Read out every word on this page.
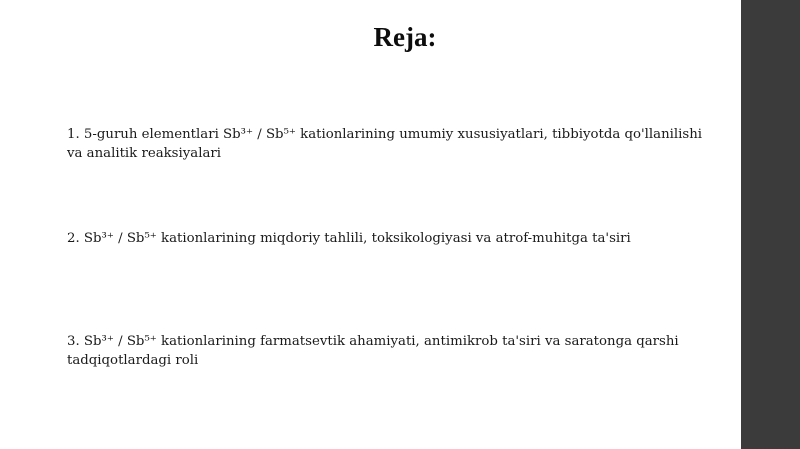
Reja:
1. 5-guruh elementlari Sb³⁺ / Sb⁵⁺ kationlarining umumiy xususiyatlari, tibbiyotda qo'llanilishi
va analitik reaksiyalari
2. Sb³⁺ / Sb⁵⁺ kationlarining miqdoriy tahlili, toksikologiyasi va atrof-muhitga ta'siri
3. Sb³⁺ / Sb⁵⁺ kationlarining farmatsevtik ahamiyati, antimikrob ta'siri va saratonga qarshi
tadqiqotlardagi roli
